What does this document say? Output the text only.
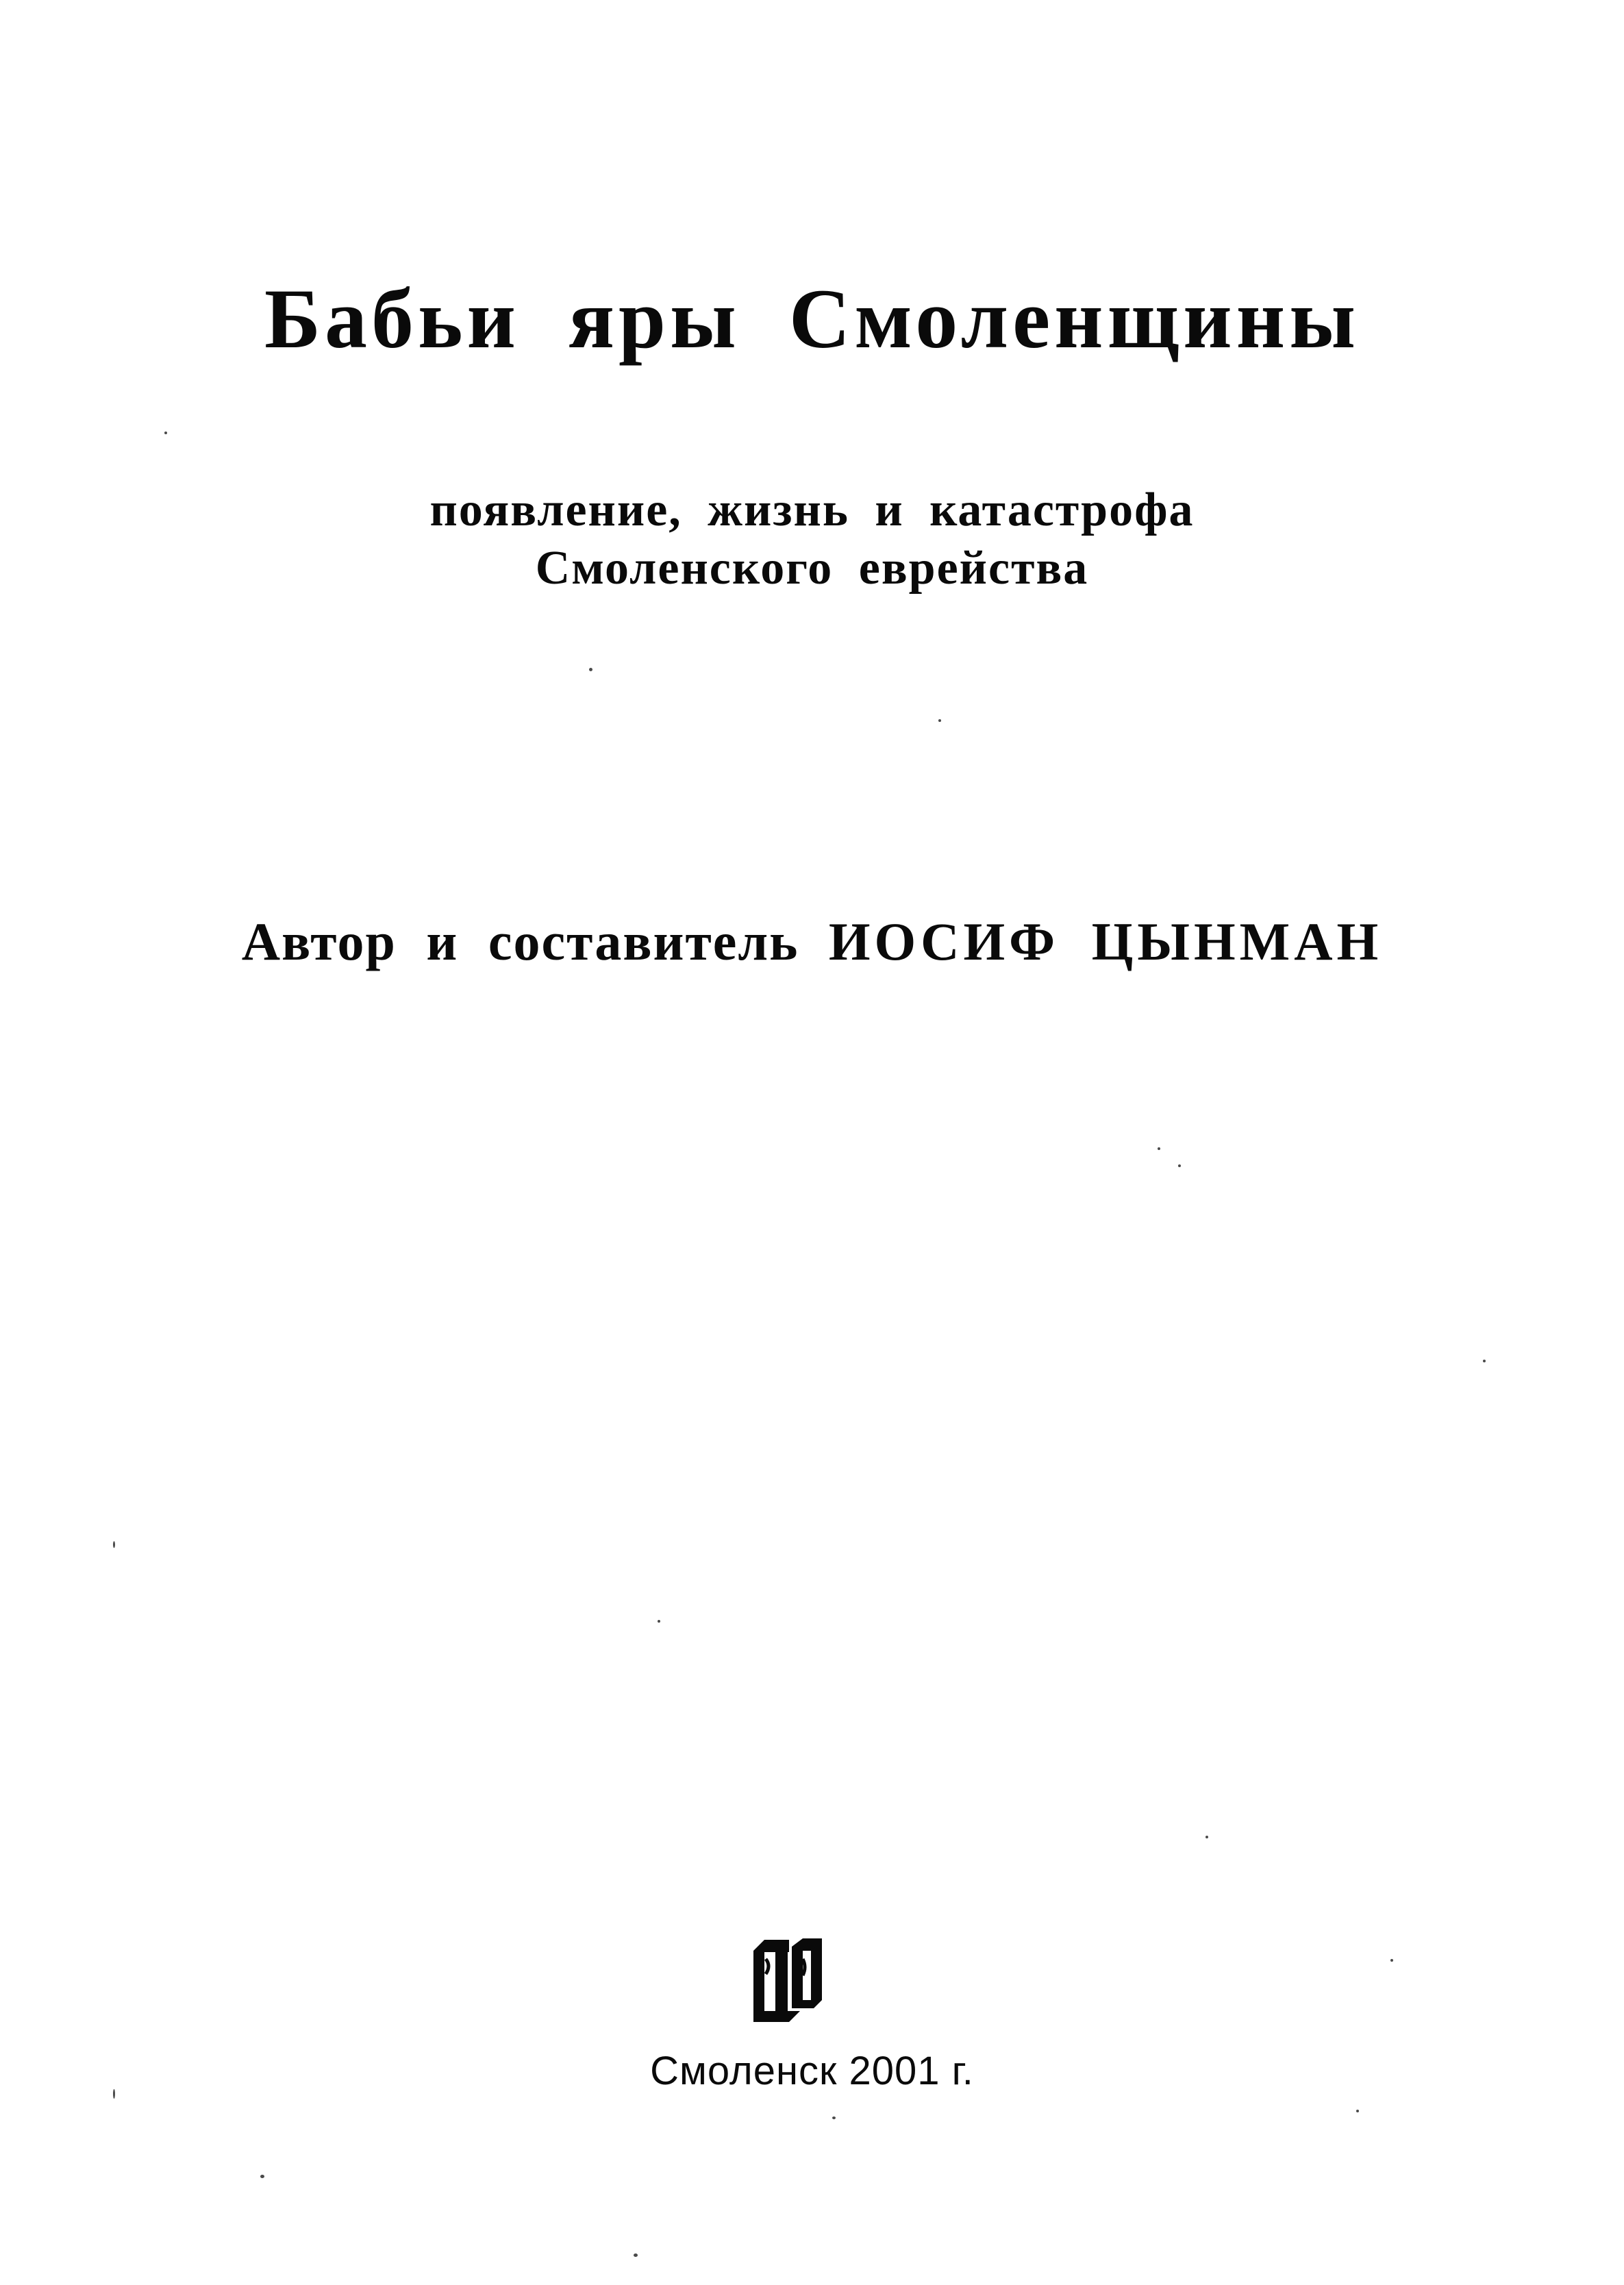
Бабьи яры Смоленщины

появление, жизнь и катастрофа

Смоленского еврейства

Автор и составитель ИОСИФ ЦЫНМАН

Смоленск 2001 г.
